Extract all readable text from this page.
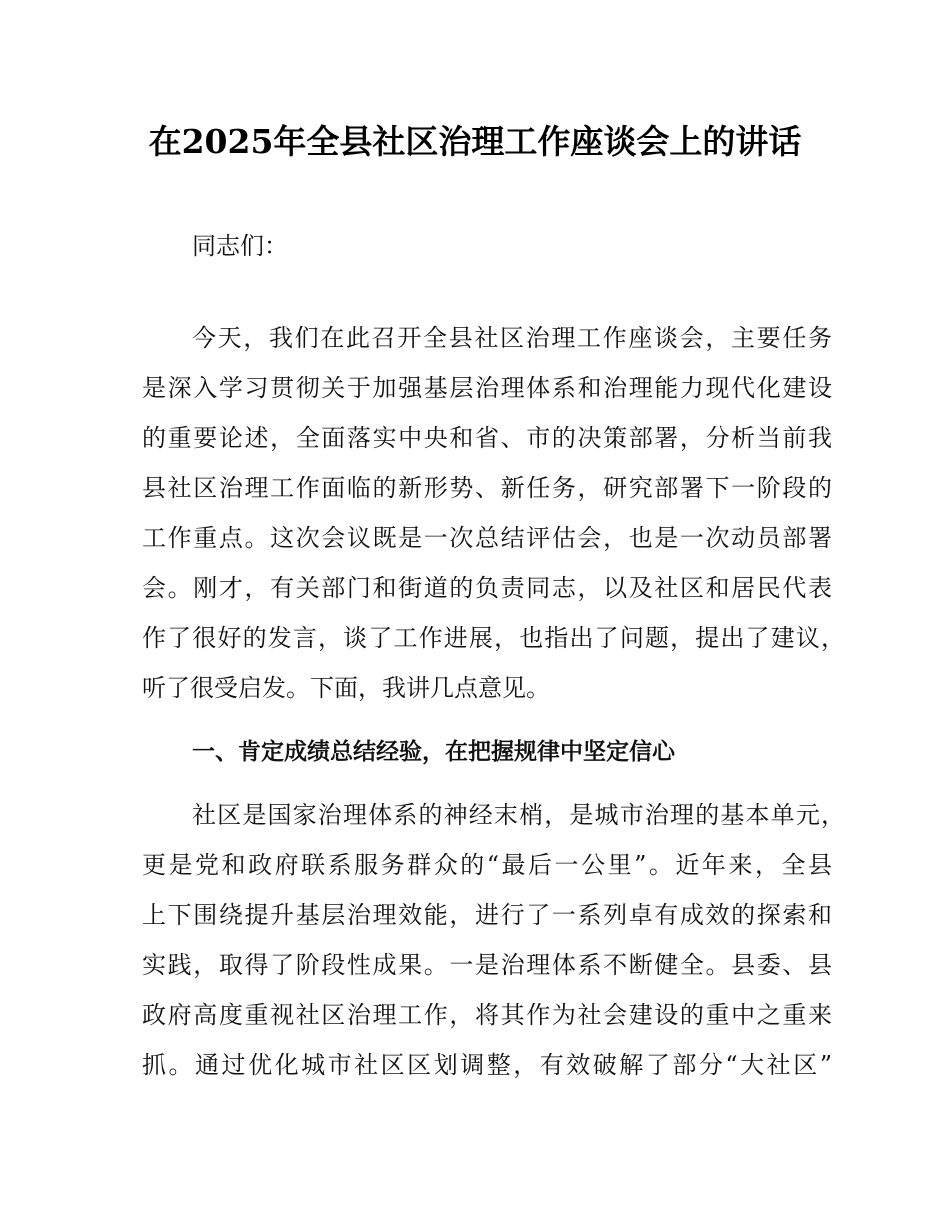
在2025年全县社区治理工作座谈会上的讲话
同志们：
今天，我们在此召开全县社区治理工作座谈会，主要任务
是深入学习贯彻关于加强基层治理体系和治理能力现代化建设
的重要论述，全面落实中央和省、市的决策部署，分析当前我
县社区治理工作面临的新形势、新任务，研究部署下一阶段的
工作重点。这次会议既是一次总结评估会，也是一次动员部署
会。刚才，有关部门和街道的负责同志，以及社区和居民代表
作了很好的发言，谈了工作进展，也指出了问题，提出了建议，
听了很受启发。下面，我讲几点意见。
一、肯定成绩总结经验，在把握规律中坚定信心
社区是国家治理体系的神经末梢，是城市治理的基本单元，
更是党和政府联系服务群众的“最后一公里”。近年来，全县
上下围绕提升基层治理效能，进行了一系列卓有成效的探索和
实践，取得了阶段性成果。一是治理体系不断健全。县委、县
政府高度重视社区治理工作，将其作为社会建设的重中之重来
抓。通过优化城市社区区划调整，有效破解了部分“大社区”
